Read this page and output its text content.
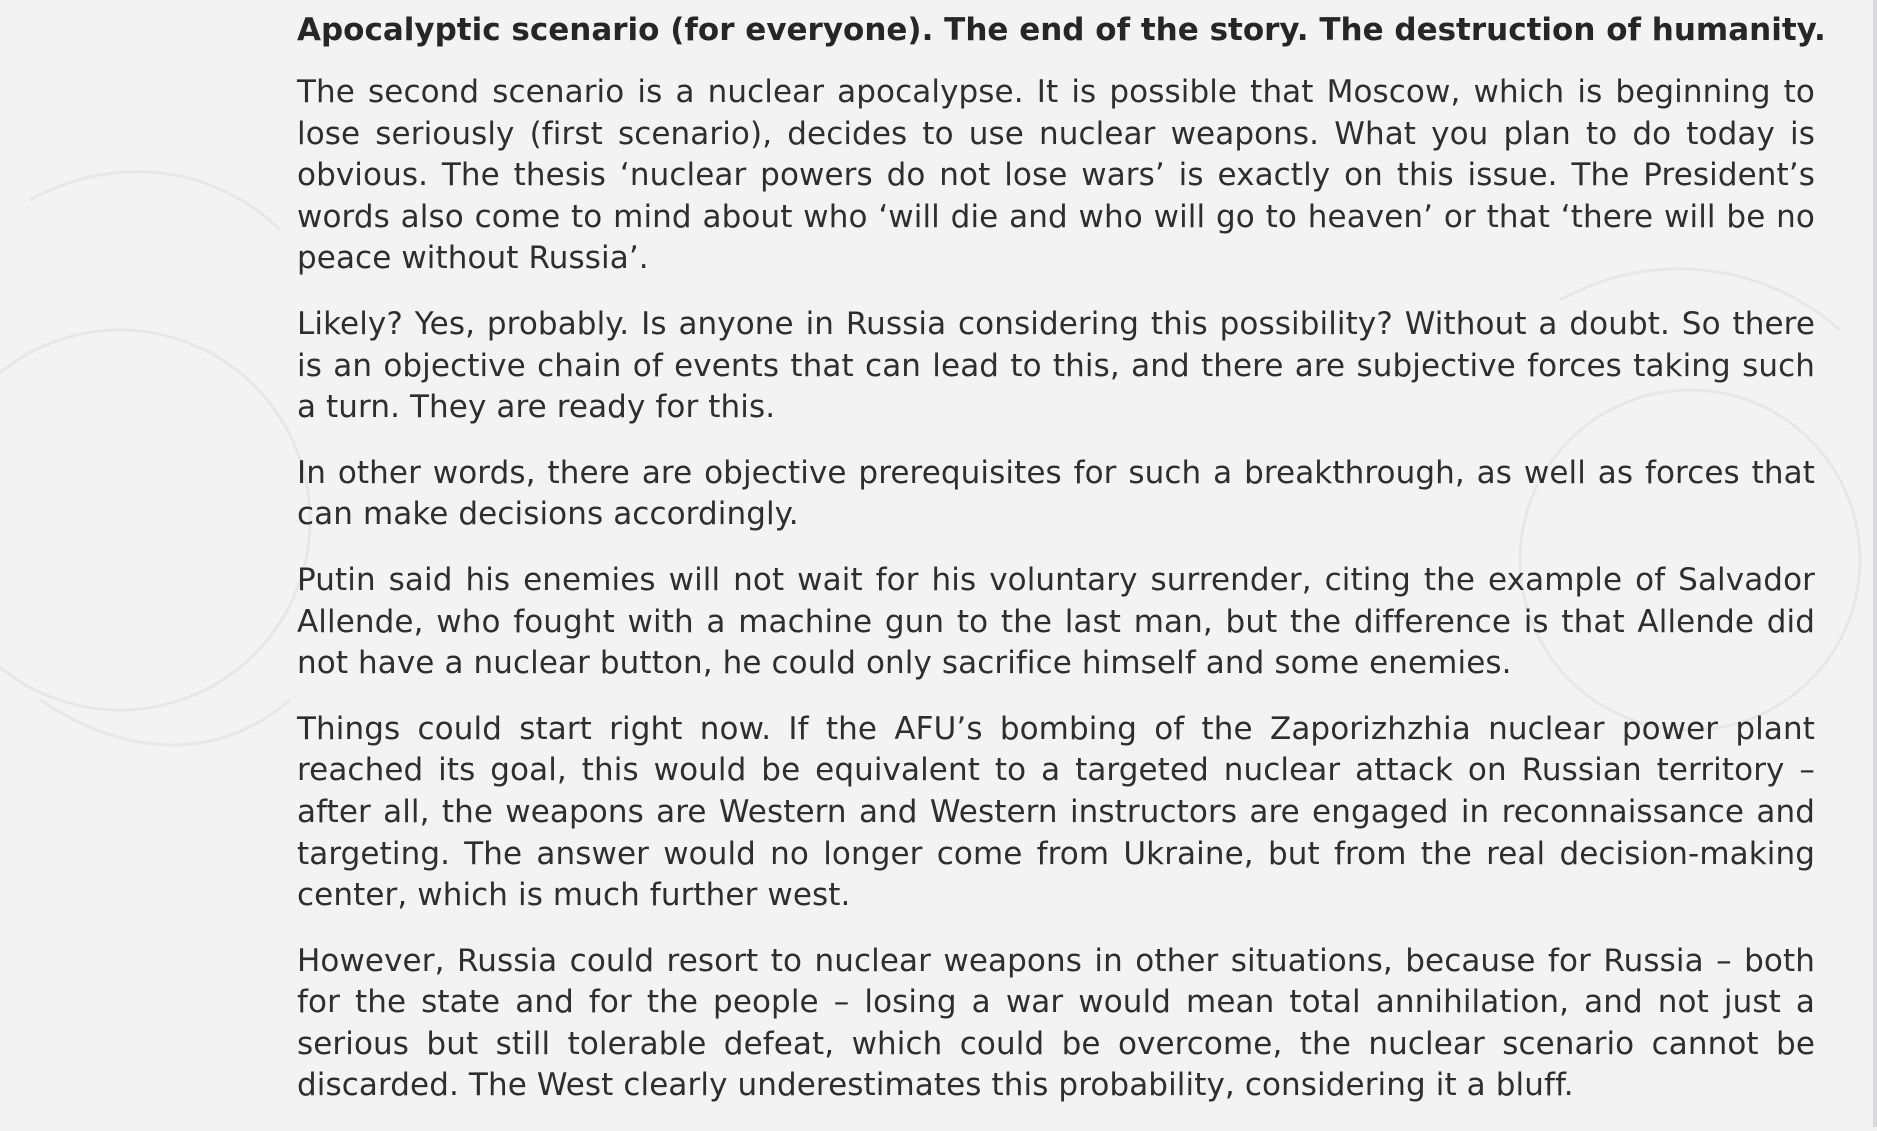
Apocalyptic scenario (for everyone). The end of the story. The destruction of humanity.

The second scenario is a nuclear apocalypse. It is possible that Moscow, which is beginning to lose seriously (first scenario), decides to use nuclear weapons. What you plan to do today is obvious. The thesis ‘nuclear powers do not lose wars’ is exactly on this issue. The President’s words also come to mind about who ‘will die and who will go to heaven’ or that ‘there will be no peace without Russia’.

Likely? Yes, probably. Is anyone in Russia considering this possibility? Without a doubt. So there is an objective chain of events that can lead to this, and there are subjective forces taking such a turn. They are ready for this.

In other words, there are objective prerequisites for such a breakthrough, as well as forces that can make decisions accordingly.

Putin said his enemies will not wait for his voluntary surrender, citing the example of Salvador Allende, who fought with a machine gun to the last man, but the difference is that Allende did not have a nuclear button, he could only sacrifice himself and some enemies.

Things could start right now. If the AFU’s bombing of the Zaporizhzhia nuclear power plant reached its goal, this would be equivalent to a targeted nuclear attack on Russian territory – after all, the weapons are Western and Western instructors are engaged in reconnaissance and targeting. The answer would no longer come from Ukraine, but from the real decision-making center, which is much further west.

However, Russia could resort to nuclear weapons in other situations, because for Russia – both for the state and for the people – losing a war would mean total annihilation, and not just a serious but still tolerable defeat, which could be overcome, the nuclear scenario cannot be discarded. The West clearly underestimates this probability, considering it a bluff.
